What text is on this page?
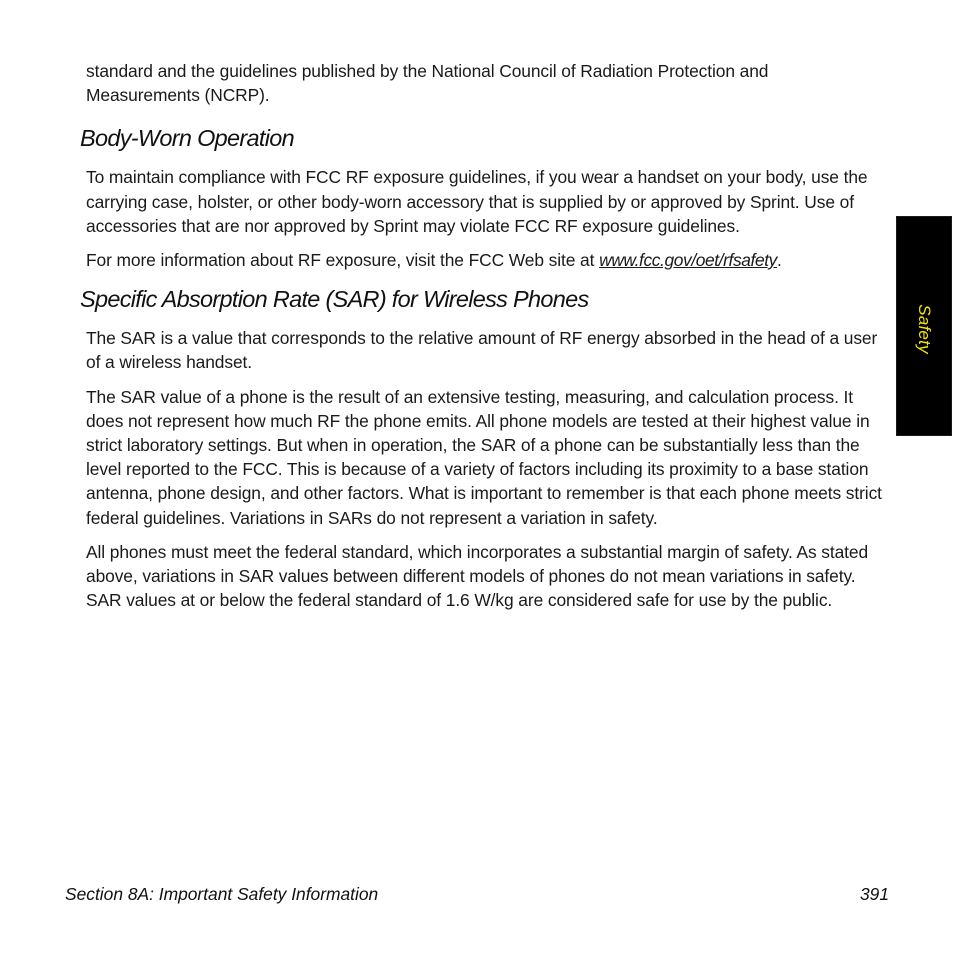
standard and the guidelines published by the National Council of Radiation Protection and Measurements (NCRP).

Body-Worn Operation

To maintain compliance with FCC RF exposure guidelines, if you wear a handset on your body, use the carrying case, holster, or other body-worn accessory that is supplied by or approved by Sprint. Use of accessories that are nor approved by Sprint may violate FCC RF exposure guidelines.

For more information about RF exposure, visit the FCC Web site at www.fcc.gov/oet/rfsafety.

Specific Absorption Rate (SAR) for Wireless Phones

The SAR is a value that corresponds to the relative amount of RF energy absorbed in the head of a user of a wireless handset.

The SAR value of a phone is the result of an extensive testing, measuring, and calculation process. It does not represent how much RF the phone emits. All phone models are tested at their highest value in strict laboratory settings. But when in operation, the SAR of a phone can be substantially less than the level reported to the FCC. This is because of a variety of factors including its proximity to a base station antenna, phone design, and other factors. What is important to remember is that each phone meets strict federal guidelines. Variations in SARs do not represent a variation in safety.

All phones must meet the federal standard, which incorporates a substantial margin of safety. As stated above, variations in SAR values between different models of phones do not mean variations in safety. SAR values at or below the federal standard of 1.6 W/kg are considered safe for use by the public.

Safety
Section 8A: Important Safety Information	391
